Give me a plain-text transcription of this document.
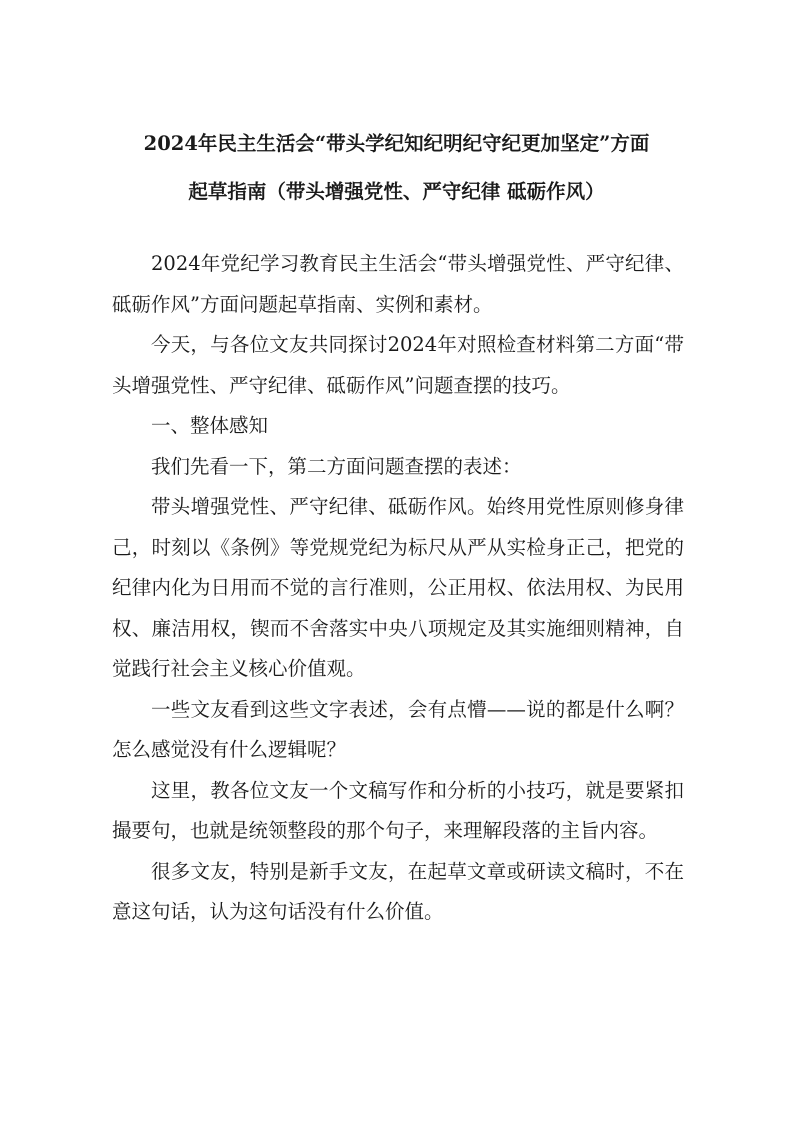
2024年民主生活会“带头学纪知纪明纪守纪更加坚定”方面
起草指南（带头增强党性、严守纪律 砥砺作风）

2024年党纪学习教育民主生活会“带头增强党性、严守纪律、砥砺作风”方面问题起草指南、实例和素材。

今天，与各位文友共同探讨2024年对照检查材料第二方面“带头增强党性、严守纪律、砥砺作风”问题查摆的技巧。

一、整体感知

我们先看一下，第二方面问题查摆的表述：

带头增强党性、严守纪律、砥砺作风。始终用党性原则修身律己，时刻以《条例》等党规党纪为标尺从严从实检身正己，把党的纪律内化为日用而不觉的言行准则，公正用权、依法用权、为民用权、廉洁用权，锲而不舍落实中央八项规定及其实施细则精神，自觉践行社会主义核心价值观。

一些文友看到这些文字表述，会有点懵——说的都是什么啊？怎么感觉没有什么逻辑呢？

这里，教各位文友一个文稿写作和分析的小技巧，就是要紧扣撮要句，也就是统领整段的那个句子，来理解段落的主旨内容。

很多文友，特别是新手文友，在起草文章或研读文稿时，不在意这句话，认为这句话没有什么价值。
